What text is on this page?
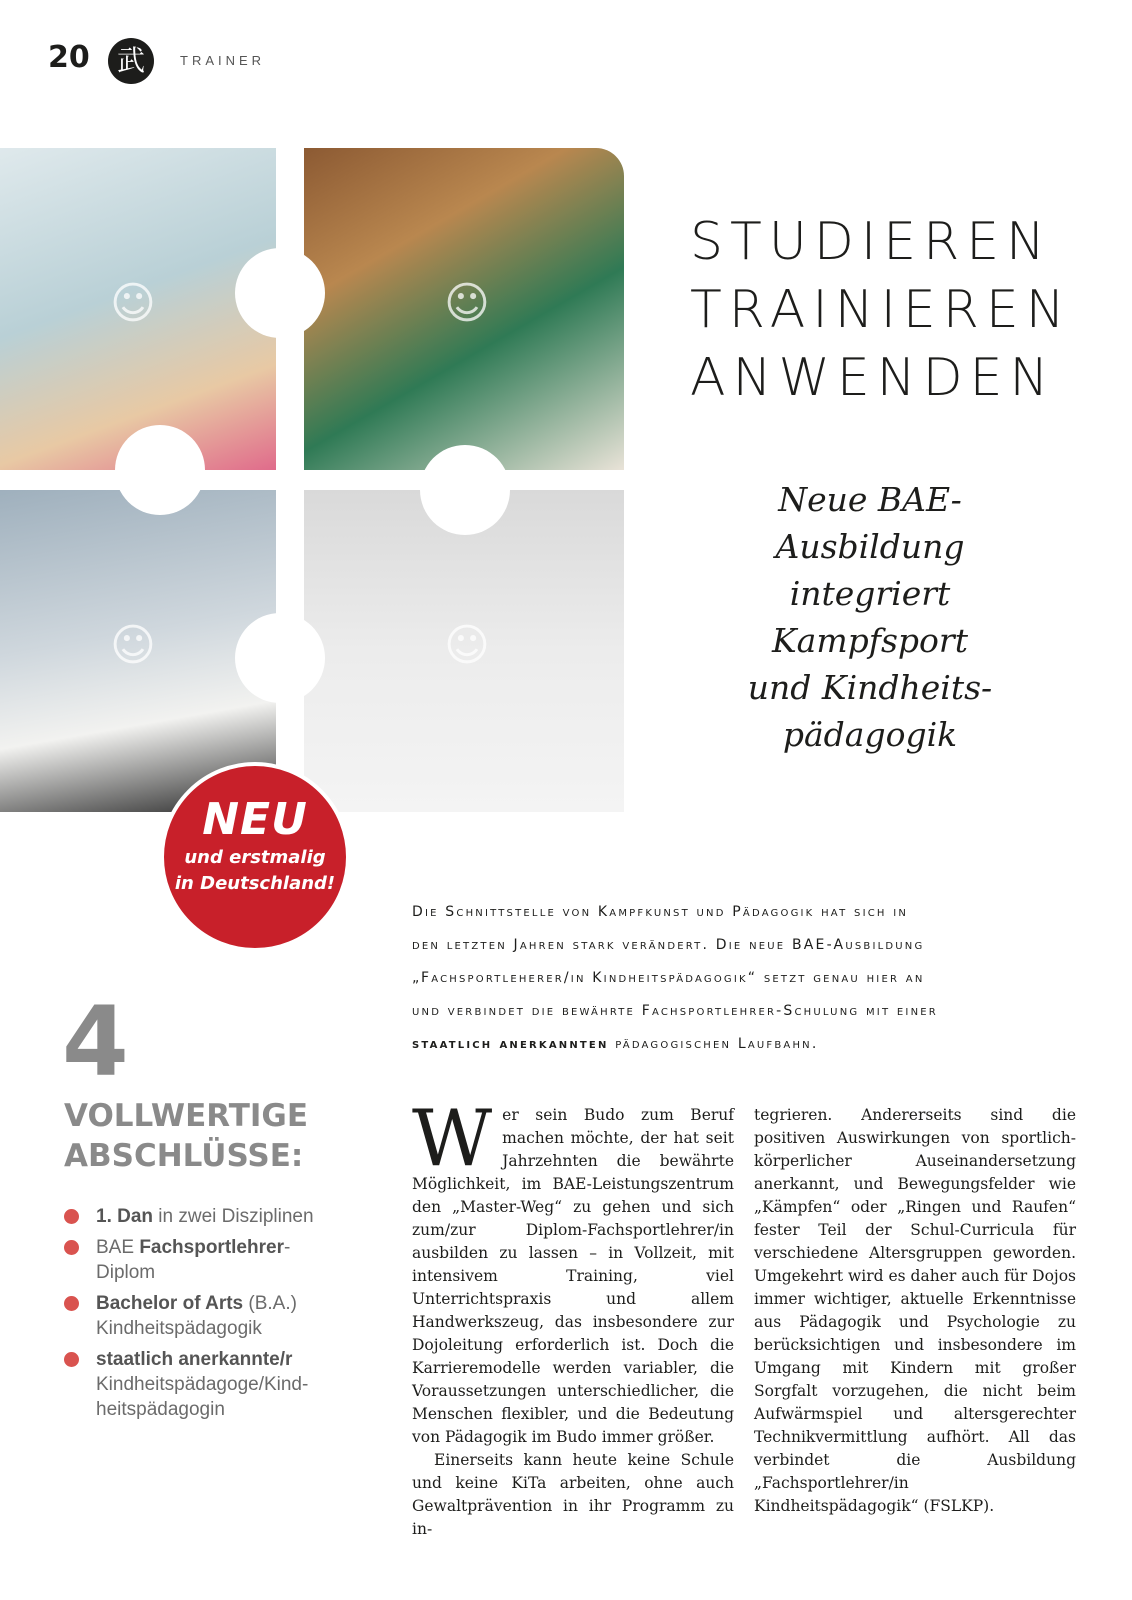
20 武	TRAINER
☺	☺
☺	☺
NEU
und erstmalig
in Deutschland!
STUDIEREN
TRAINIEREN
ANWENDEN
Neue BAE-
Ausbildung
integriert
Kampfsport
und Kindheits-
pädagogik
Die Schnittstelle von Kampfkunst und Pädagogik hat sich in
den letzten Jahren stark verändert. Die neue BAE-Ausbildung
„Fachsportleherer/in Kindheitspädagogik“ setzt genau hier an
und verbindet die bewährte Fachsportlehrer-Schulung mit einer
staatlich anerkannten pädagogischen Laufbahn.
4
VOLLWERTIGE
ABSCHLÜSSE:
1. Dan in zwei Disziplinen
BAE Fachsportlehrer-
Diplom
Bachelor of Arts (B.A.)
Kindheitspädagogik
staatlich anerkannte/r
Kindheitspädagoge/Kind-heitspädagogin

Wer sein Budo zum Beruf machen möchte, der hat seit Jahrzehnten die bewährte Möglichkeit, im BAE-Leistungszentrum den „Master-Weg“ zu gehen und sich zum/zur Diplom-Fachsportlehrer/in ausbilden zu lassen – in Vollzeit, mit intensivem Training, viel Unterrichtspraxis und allem Handwerkszeug, das insbesondere zur Dojoleitung erforderlich ist. Doch die Karrieremodelle werden variabler, die Voraussetzungen unterschiedlicher, die Menschen flexibler, und die Bedeutung von Pädagogik im Budo immer größer.

Einerseits kann heute keine Schule und keine KiTa arbeiten, ohne auch Gewaltprävention in ihr Programm zu in-

tegrieren. Andererseits sind die positiven Auswirkungen von sportlich-körperlicher Auseinandersetzung anerkannt, und Bewegungsfelder wie „Kämpfen“ oder „Ringen und Raufen“ fester Teil der Schul-Curricula für verschiedene Altersgruppen geworden. Umgekehrt wird es daher auch für Dojos immer wichtiger, aktuelle Erkenntnisse aus Pädagogik und Psychologie zu berücksichtigen und insbesondere im Umgang mit Kindern mit großer Sorgfalt vorzugehen, die nicht beim Aufwärmspiel und altersgerechter Technikvermittlung aufhört. All das verbindet die Ausbildung „Fachsportlehrer/in Kindheitspädagogik“ (FSLKP).
